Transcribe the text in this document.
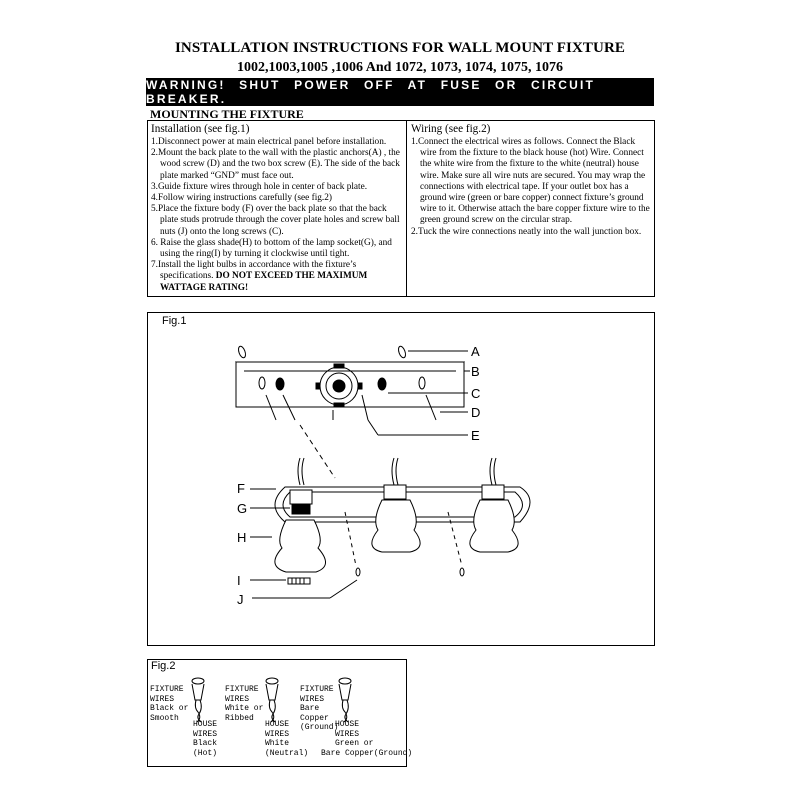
INSTALLATION INSTRUCTIONS FOR WALL MOUNT FIXTURE
1002,1003,1005 ,1006 And 1072, 1073, 1074, 1075, 1076
WARNING! SHUT POWER OFF AT FUSE OR CIRCUIT BREAKER.
MOUNTING THE FIXTURE
Installation (see fig.1)
1.Disconnect power at main electrical panel before installation.
2.Mount the back plate to the wall with the plastic anchors(A) , the wood screw (D) and the two box screw (E). The side of the back plate marked “GND” must face out.
3.Guide fixture wires through hole in center of back plate.
4.Follow wiring instructions carefully (see fig.2)
5.Place the fixture body (F) over the back plate so that the back plate studs protrude through the cover plate holes and screw ball nuts (J) onto the long screws (C).
6. Raise the glass shade(H) to bottom of the lamp socket(G), and using the ring(I) by turning it clockwise until tight.
7.Install the light bulbs in accordance with the fixture’s specifications. DO NOT EXCEED THE MAXIMUM WATTAGE RATING!
Wiring (see fig.2)
1.Connect the electrical wires as follows. Connect the Black wire from the fixture to the black house (hot) Wire. Connect the white wire from the fixture to the white (neutral) house wire. Make sure all wire nuts are secured. You may wrap the connections with electrical tape. If your outlet box has a ground wire (green or bare copper) connect fixture’s ground wire to it. Otherwise attach the bare copper fixture wire to the green ground screw on the circular strap.
2.Tuck the wire connections neatly into the wall junction box.
Fig.1
A
B
C
D
E
F
G
H
I
J
Fig.2
FIXTURE
WIRES
Black or
Smooth
HOUSE
WIRES
Black
(Hot)
FIXTURE
WIRES
White or
Ribbed
HOUSE
WIRES
White
(Neutral)
FIXTURE
WIRES
Bare
Copper
(Ground)
HOUSE
WIRES
Green or
Bare Copper(Ground)
